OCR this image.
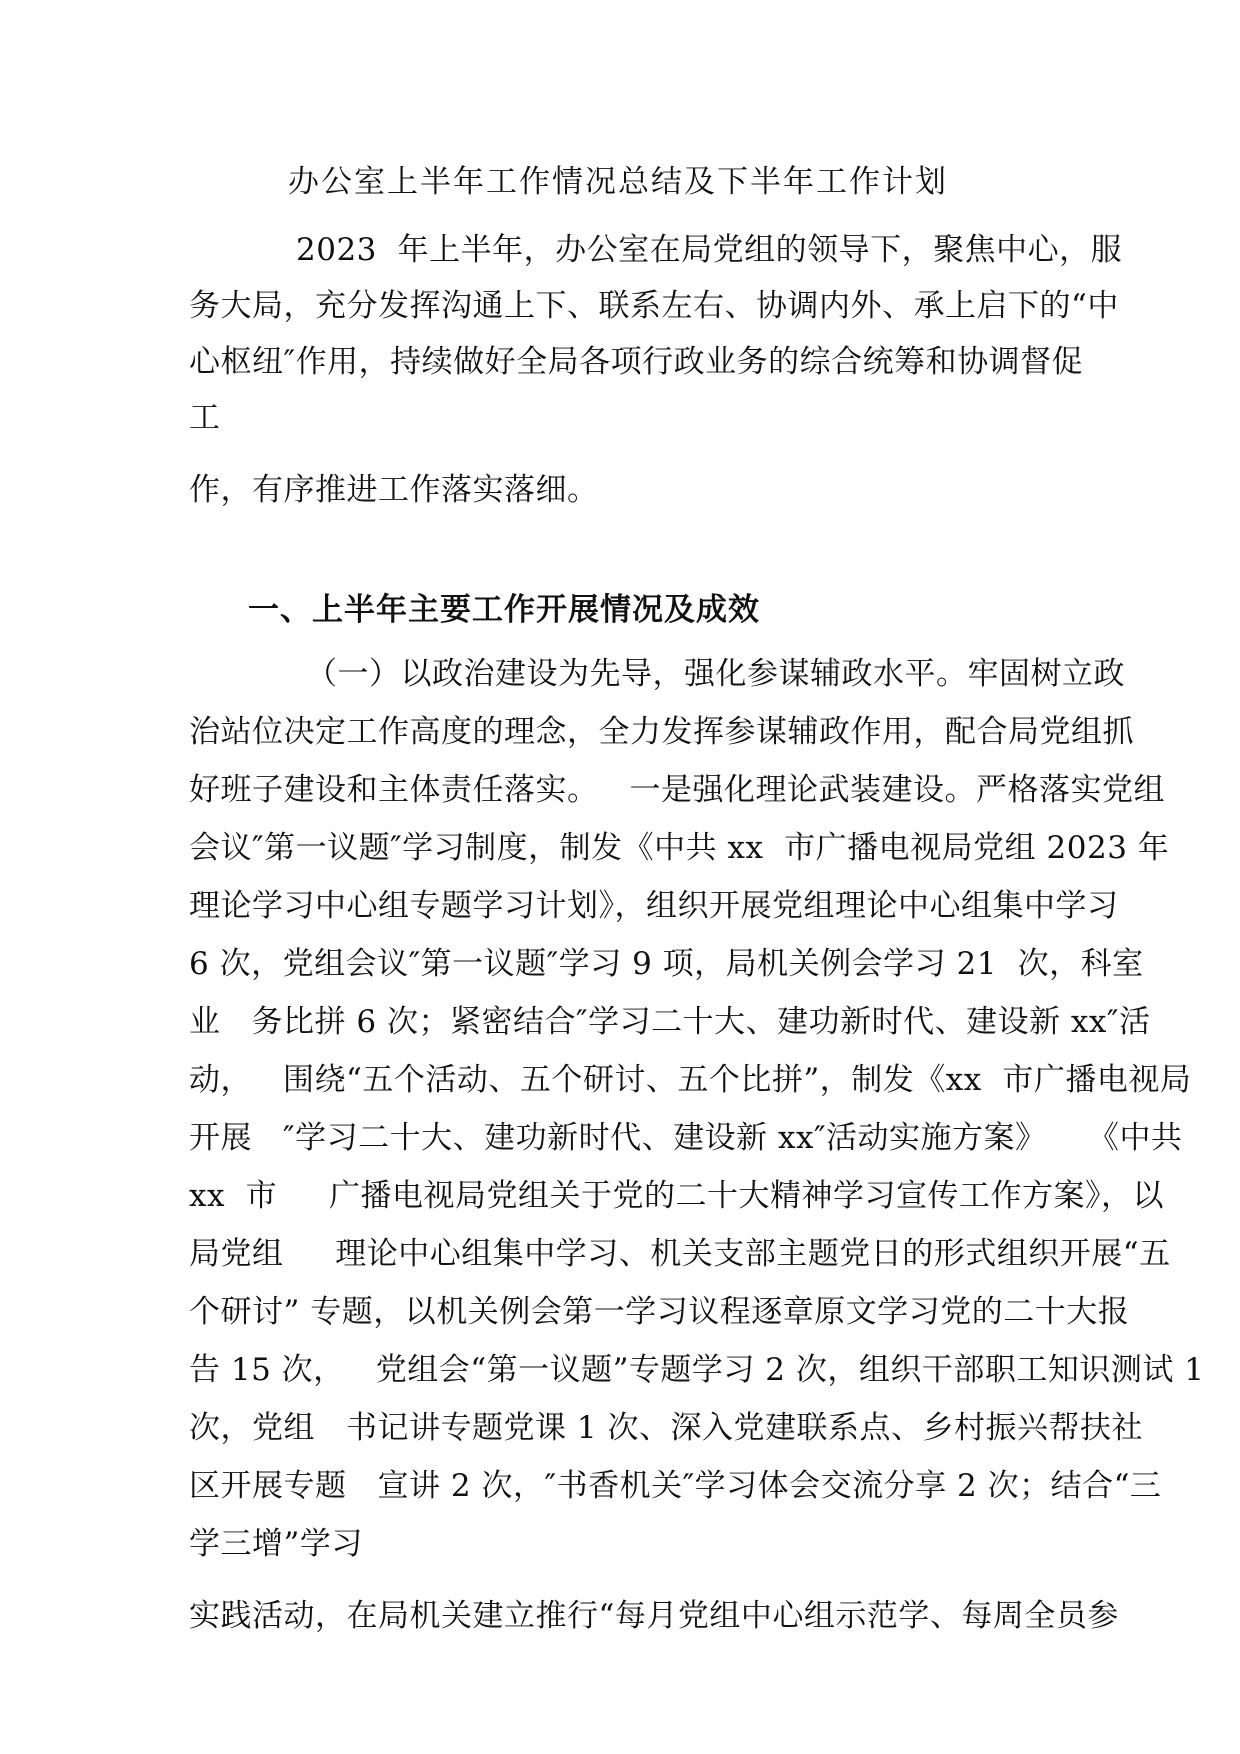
办公室上半年工作情况总结及下半年工作计划
2023  年上半年，办公室在局党组的领导下，聚焦中心，服
务大局，充分发挥沟通上下、联系左右、协调内外、承上启下的“中
心枢纽″作用，持续做好全局各项行政业务的综合统筹和协调督促
工
作，有序推进工作落实落细。
一、上半年主要工作开展情况及成效
（一）以政治建设为先导，强化参谋辅政水平。牢固树立政
治站位决定工作高度的理念，全力发挥参谋辅政作用，配合局党组抓
好班子建设和主体责任落实。   一是强化理论武装建设。严格落实党组
会议″第一议题″学习制度，制发《中共 xx  市广播电视局党组 2023 年
理论学习中心组专题学习计划》，组织开展党组理论中心组集中学习
6 次，党组会议″第一议题″学习 9 项，局机关例会学习 21  次，科室
业   务比拼 6 次；紧密结合″学习二十大、建功新时代、建设新 xx″活
动，   围绕“五个活动、五个研讨、五个比拼”，制发《xx  市广播电视局
开展   ″学习二十大、建功新时代、建设新 xx″活动实施方案》    《中共
xx  市     广播电视局党组关于党的二十大精神学习宣传工作方案》，以
局党组     理论中心组集中学习、机关支部主题党日的形式组织开展“五
个研讨” 专题，以机关例会第一学习议程逐章原文学习党的二十大报
告 15 次，   党组会“第一议题”专题学习 2 次，组织干部职工知识测试 1
次，党组   书记讲专题党课 1 次、深入党建联系点、乡村振兴帮扶社
区开展专题   宣讲 2 次，″书香机关″学习体会交流分享 2 次；结合“三
学三增”学习
实践活动，在局机关建立推行“每月党组中心组示范学、每周全员参
